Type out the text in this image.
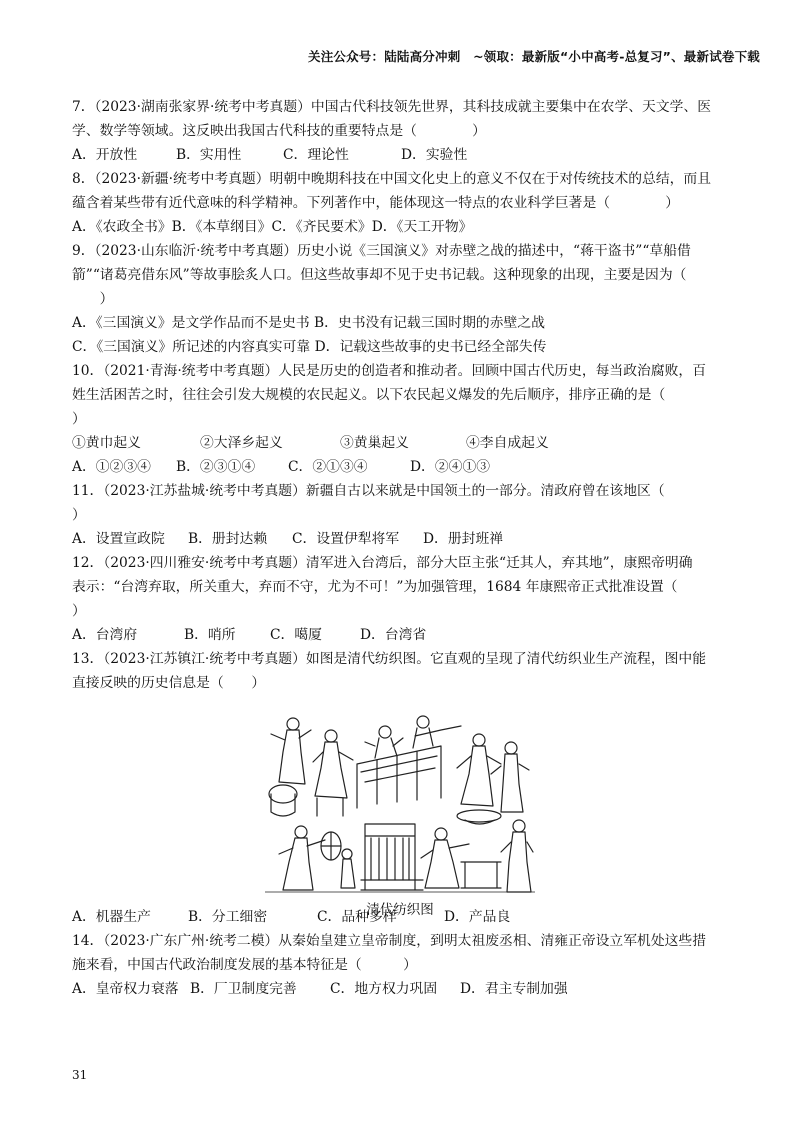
关注公众号：陆陆高分冲刺　~领取：最新版“小中高考-总复习”、最新试卷下载
7．（2023·湖南张家界·统考中考真题）中国古代科技领先世界，其科技成就主要集中在农学、天文学、医
学、数学等领域。这反映出我国古代科技的重要特点是（　　　　）
A．开放性	B．实用性	C．理论性	D．实验性
8．（2023·新疆·统考中考真题）明朝中晚期科技在中国文化史上的意义不仅在于对传统技术的总结，而且
蕴含着某些带有近代意味的科学精神。下列著作中，能体现这一特点的农业科学巨著是（　　　　）
A．《农政全书》B．《本草纲目》C．《齐民要术》D．《天工开物》
9．（2023·山东临沂·统考中考真题）历史小说《三国演义》对赤壁之战的描述中，“蒋干盗书”“草船借
箭”“诸葛亮借东风”等故事脍炙人口。但这些故事却不见于史书记载。这种现象的出现，主要是因为（
　　）
A．《三国演义》是文学作品而不是史书 B．史书没有记载三国时期的赤壁之战
C．《三国演义》所记述的内容真实可靠 D．记载这些故事的史书已经全部失传
10．（2021·青海·统考中考真题）人民是历史的创造者和推动者。回顾中国古代历史，每当政治腐败，百
姓生活困苦之时，往往会引发大规模的农民起义。以下农民起义爆发的先后顺序，排序正确的是（
）
①黄巾起义	②大泽乡起义	③黄巢起义	④李自成起义
A．①②③④ B．②③①④ C．②①③④	D．②④①③
11．（2023·江苏盐城·统考中考真题）新疆自古以来就是中国领土的一部分。清政府曾在该地区（
）
A．设置宣政院 B．册封达赖 C．设置伊犁将军 D．册封班禅
12．（2023·四川雅安·统考中考真题）清军进入台湾后，部分大臣主张“迁其人，弃其地”，康熙帝明确
表示：“台湾弃取，所关重大，弃而不守，尤为不可！”为加强管理，1684 年康熙帝正式批准设置（
）
A．台湾府	B．哨所 C．噶厦	D．台湾省
13．（2023·江苏镇江·统考中考真题）如图是清代纺织图。它直观的呈现了清代纺织业生产流程，图中能
直接反映的历史信息是（　　）
A．机器生产	B．分工细密	C．品种多样	D．产品良
14．（2023·广东广州·统考二模）从秦始皇建立皇帝制度，到明太祖废丞相、清雍正帝设立军机处这些措
施来看，中国古代政治制度发展的基本特征是（　　　）
A．皇帝权力衰落 B．厂卫制度完善 C．地方权力巩固 D．君主专制加强
清代纺织图
31
